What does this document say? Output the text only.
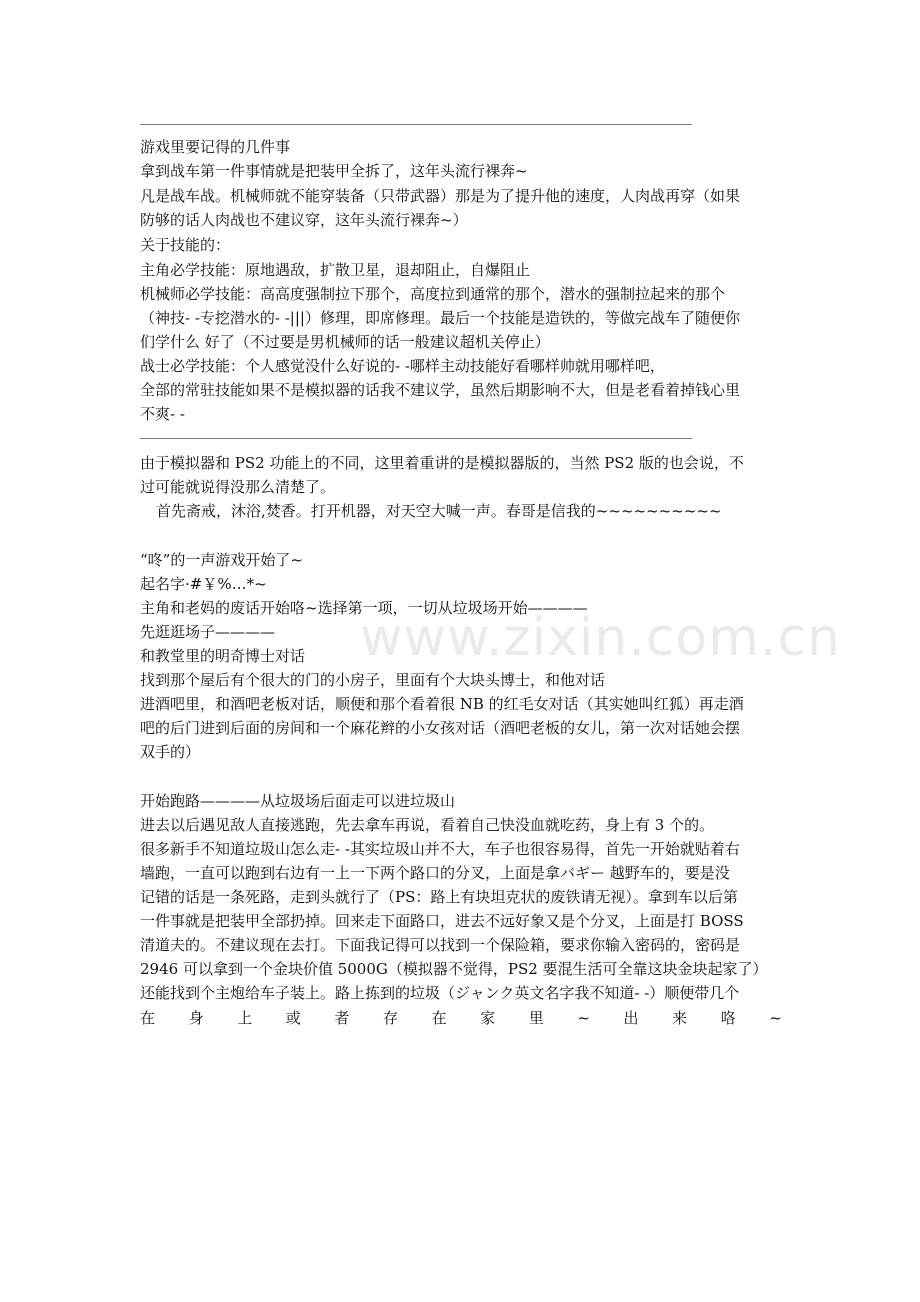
www.zixin.com.cn
游戏里要记得的几件事
拿到战车第一件事情就是把装甲全拆了，这年头流行裸奔~
凡是战车战。机械师就不能穿装备（只带武器）那是为了提升他的速度，人肉战再穿（如果
防够的话人肉战也不建议穿，这年头流行裸奔~）
关于技能的：
主角必学技能：原地遇敌，扩散卫星，退却阻止，自爆阻止
机械师必学技能：高高度强制拉下那个，高度拉到通常的那个，潜水的强制拉起来的那个
（神技- -专挖潜水的- -|||）修理，即席修理。最后一个技能是造铁的，等做完战车了随便你
们学什么 好了（不过要是男机械师的话一般建议超机关停止）
战士必学技能：个人感觉没什么好说的- -哪样主动技能好看哪样帅就用哪样吧，
全部的常驻技能如果不是模拟器的话我不建议学，虽然后期影响不大，但是老看着掉钱心里
不爽- -
由于模拟器和 PS2 功能上的不同，这里着重讲的是模拟器版的，当然 PS2 版的也会说，不
过可能就说得没那么清楚了。
首先斋戒，沐浴,焚香。打开机器，对天空大喊一声。春哥是信我的~~~~~~~~~~
“咚”的一声游戏开始了~
起名字·#￥%…*~
主角和老妈的废话开始咯~选择第一项，一切从垃圾场开始————
先逛逛场子————
和教堂里的明奇博士对话
找到那个屋后有个很大的门的小房子，里面有个大块头博士，和他对话
进酒吧里，和酒吧老板对话，顺便和那个看着很 NB 的红毛女对话（其实她叫红狐）再走酒
吧的后门进到后面的房间和一个麻花辫的小女孩对话（酒吧老板的女儿，第一次对话她会摆
双手的）
开始跑路————从垃圾场后面走可以进垃圾山
进去以后遇见敌人直接逃跑，先去拿车再说，看着自己快没血就吃药，身上有 3 个的。
很多新手不知道垃圾山怎么走- -其实垃圾山并不大，车子也很容易得，首先一开始就贴着右
墙跑，一直可以跑到右边有一上一下两个路口的分叉，上面是拿バギー 越野车的，要是没
记错的话是一条死路，走到头就行了（PS：路上有块坦克状的废铁请无视）。拿到车以后第
一件事就是把装甲全部扔掉。回来走下面路口，进去不远好象又是个分叉，上面是打 BOSS
清道夫的。不建议现在去打。下面我记得可以找到一个保险箱，要求你输入密码的，密码是
2946 可以拿到一个金块价值 5000G（模拟器不觉得，PS2 要混生活可全靠这块金块起家了）
还能找到个主炮给车子装上。路上拣到的垃圾（ジャンク英文名字我不知道- -）顺便带几个
在 身 上 或 者 存 在 家 里 ~ 出 来 咯 ~
